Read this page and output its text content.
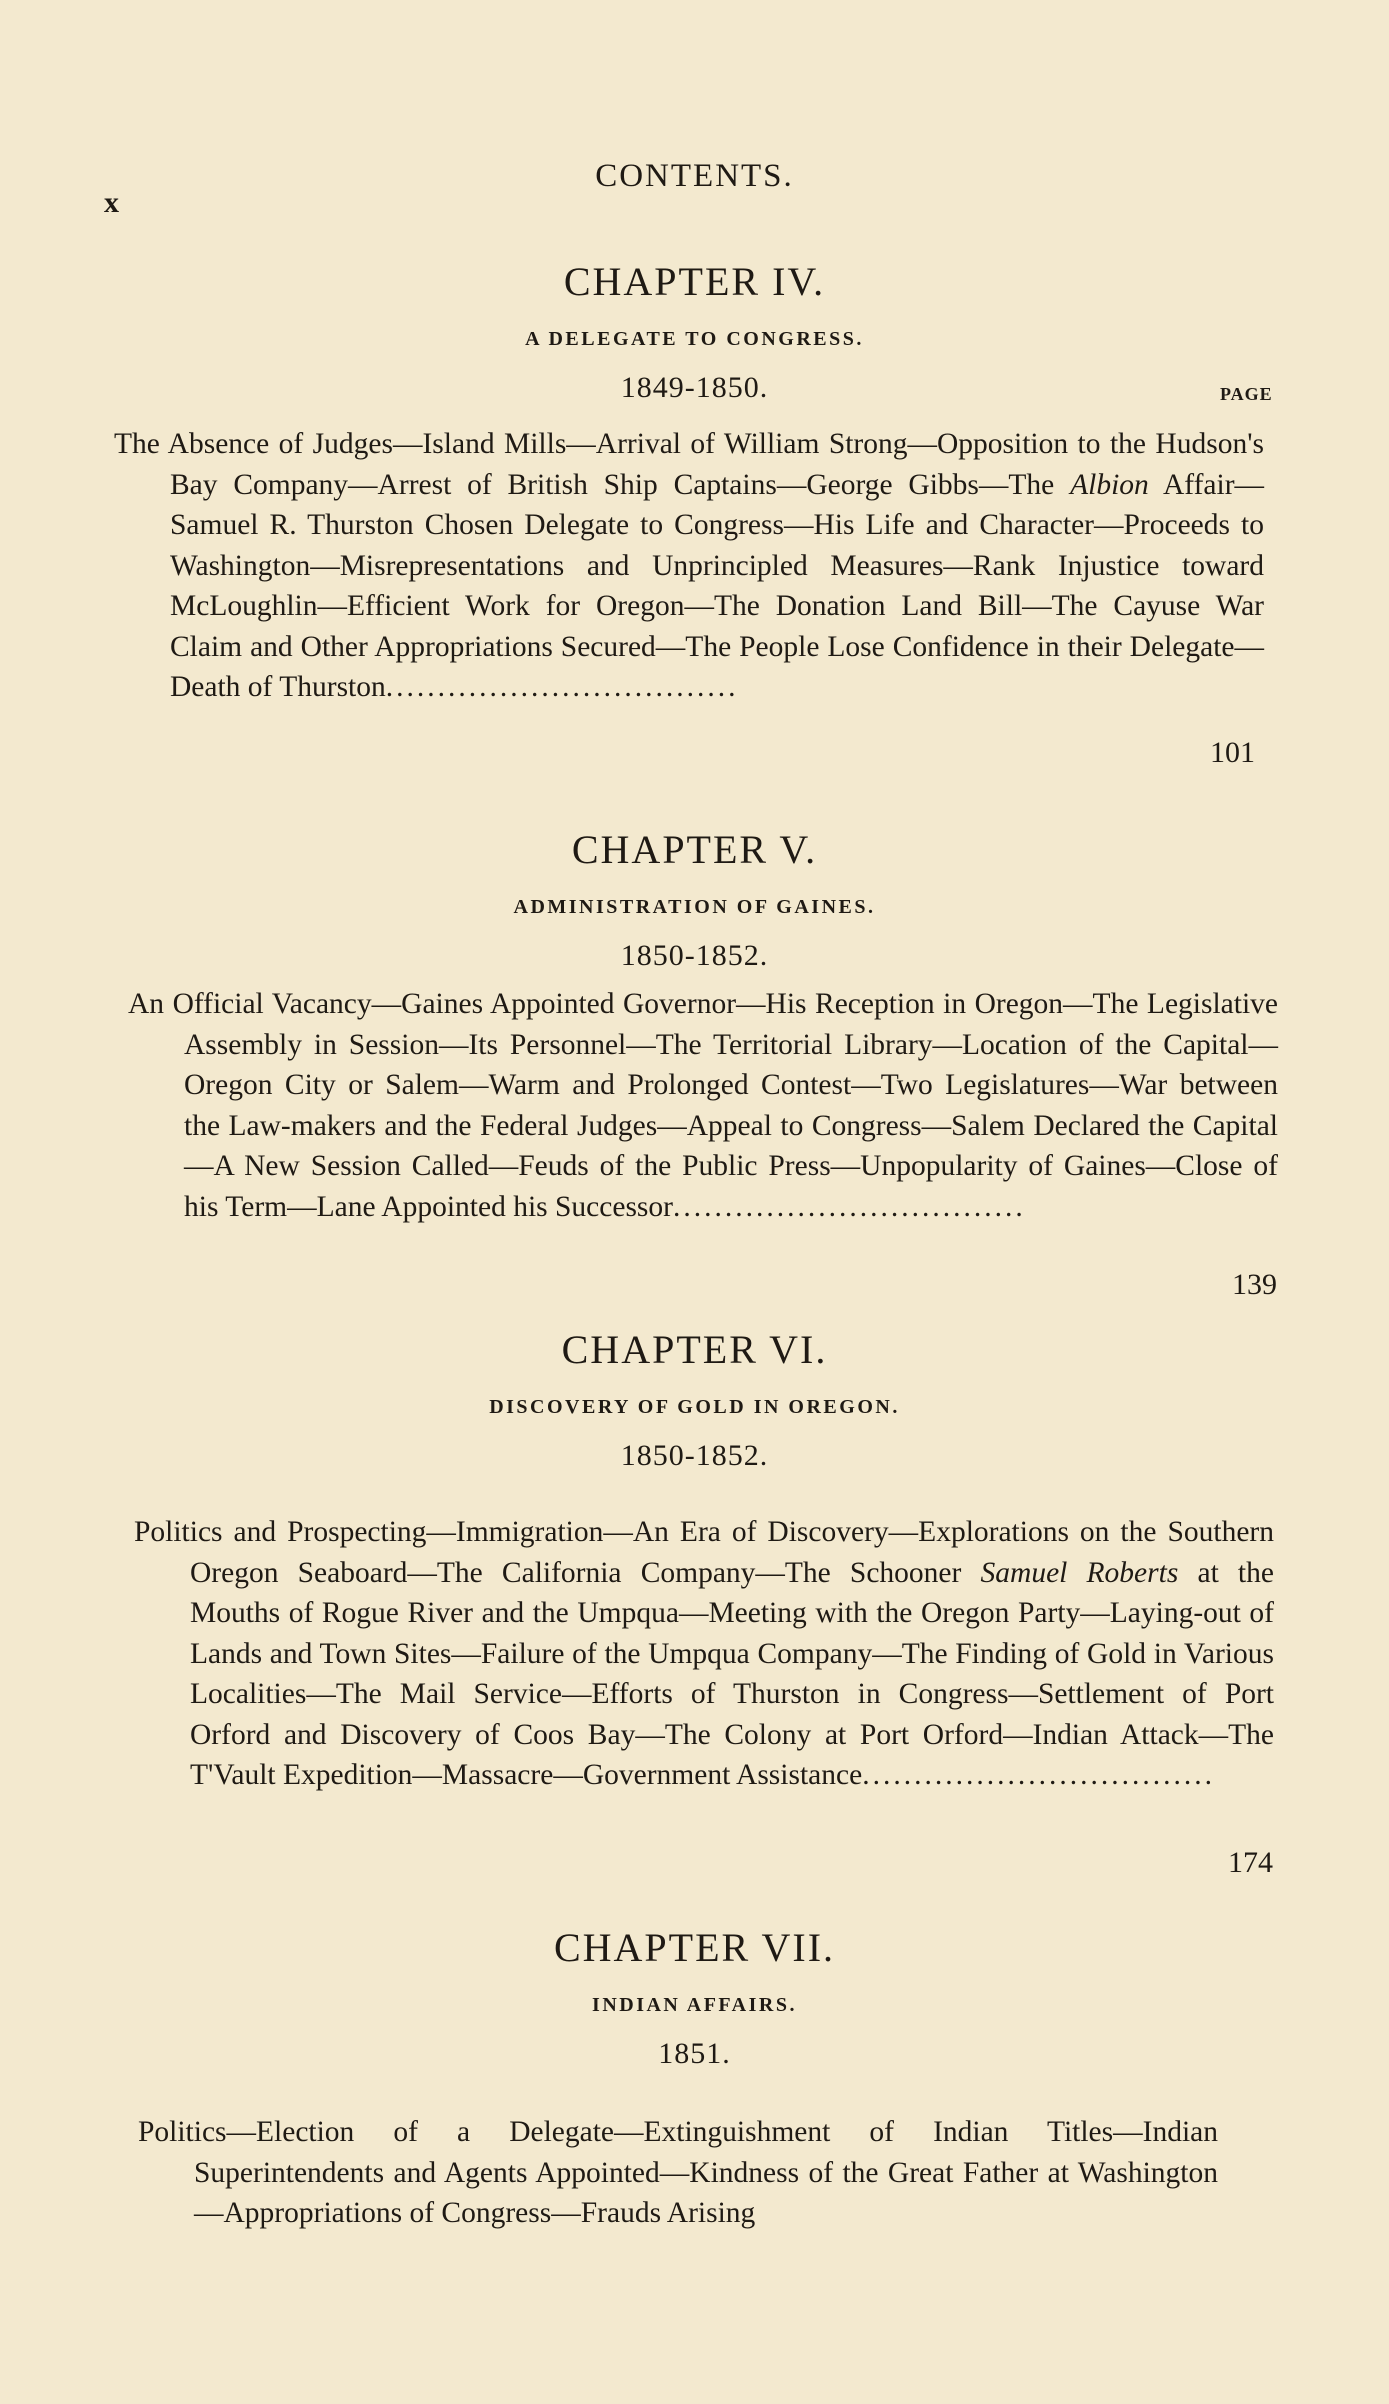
x
CONTENTS.
CHAPTER IV.
A DELEGATE TO CONGRESS.
1849-1850.	PAGE
The Absence of Judges—Island Mills—Arrival of William Strong—Opposition to the Hudson's Bay Company—Arrest of British Ship Captains—George Gibbs—The Albion Affair—Samuel R. Thurston Chosen Delegate to Congress—His Life and Character—Proceeds to Washington—Misrepresentations and Unprincipled Measures—Rank Injustice toward McLoughlin—Efficient Work for Oregon—The Donation Land Bill—The Cayuse War Claim and Other Appropriations Secured—The People Lose Confidence in their Delegate—Death of Thurston..................................
101
CHAPTER V.
ADMINISTRATION OF GAINES.
1850-1852.
An Official Vacancy—Gaines Appointed Governor—His Reception in Oregon—The Legislative Assembly in Session—Its Personnel—The Territorial Library—Location of the Capital—Oregon City or Salem—Warm and Prolonged Contest—Two Legislatures—War between the Law-makers and the Federal Judges—Appeal to Congress—Salem Declared the Capital—A New Session Called—Feuds of the Public Press—Unpopularity of Gaines—Close of his Term—Lane Appointed his Successor..................................
139
CHAPTER VI.
DISCOVERY OF GOLD IN OREGON.
1850-1852.
Politics and Prospecting—Immigration—An Era of Discovery—Explorations on the Southern Oregon Seaboard—The California Company—The Schooner Samuel Roberts at the Mouths of Rogue River and the Umpqua—Meeting with the Oregon Party—Laying-out of Lands and Town Sites—Failure of the Umpqua Company—The Finding of Gold in Various Localities—The Mail Service—Efforts of Thurston in Congress—Settlement of Port Orford and Discovery of Coos Bay—The Colony at Port Orford—Indian Attack—The T'Vault Expedition—Massacre—Government Assistance..................................
174
CHAPTER VII.
INDIAN AFFAIRS.
1851.
Politics—Election of a Delegate—Extinguishment of Indian Titles—Indian Superintendents and Agents Appointed—Kindness of the Great Father at Washington—Appropriations of Congress—Frauds Arising
